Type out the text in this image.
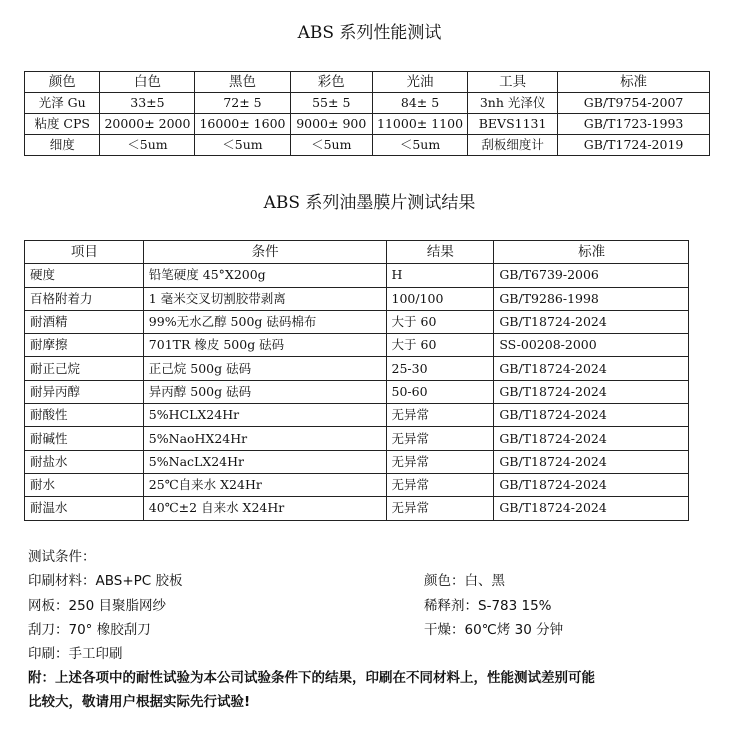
ABS 系列性能测试
颜色	白色	黑色	彩色	光油	工具	标准
光泽 Gu	33±5	72± 5	55± 5	84± 5	3nh 光泽仪	GB/T9754-2007
粘度 CPS	20000± 2000	16000± 1600	9000± 900	11000± 1100	BEVS1131	GB/T1723-1993
细度	＜5um	＜5um	＜5um	＜5um	刮板细度计	GB/T1724-2019
ABS 系列油墨膜片测试结果
项目	条件	结果	标准
硬度	铅笔硬度 45°X200g	H	GB/T6739-2006
百格附着力	1 毫米交叉切割胶带剥离	100/100	GB/T9286-1998
耐酒精	99%无水乙醇 500g 砝码棉布	大于 60	GB/T18724-2024
耐摩擦	701TR 橡皮 500g 砝码	大于 60	SS-00208-2000
耐正己烷	正己烷 500g 砝码	25-30	GB/T18724-2024
耐异丙醇	异丙醇 500g 砝码	50-60	GB/T18724-2024
耐酸性	5%HCLX24Hr	无异常	GB/T18724-2024
耐碱性	5%NaoHX24Hr	无异常	GB/T18724-2024
耐盐水	5%NacLX24Hr	无异常	GB/T18724-2024
耐水	25℃自来水 X24Hr	无异常	GB/T18724-2024
耐温水	40℃±2 自来水 X24Hr	无异常	GB/T18724-2024
测试条件：
印刷材料：ABS+PC 胶板	颜色：白、黑
网板：250 目聚脂网纱	稀释剂：S-783 15%
刮刀：70° 橡胶刮刀	干燥：60℃烤 30 分钟
印刷：手工印刷
附：上述各项中的耐性试验为本公司试验条件下的结果，印刷在不同材料上，性能测试差别可能
比较大，敬请用户根据实际先行试验!
